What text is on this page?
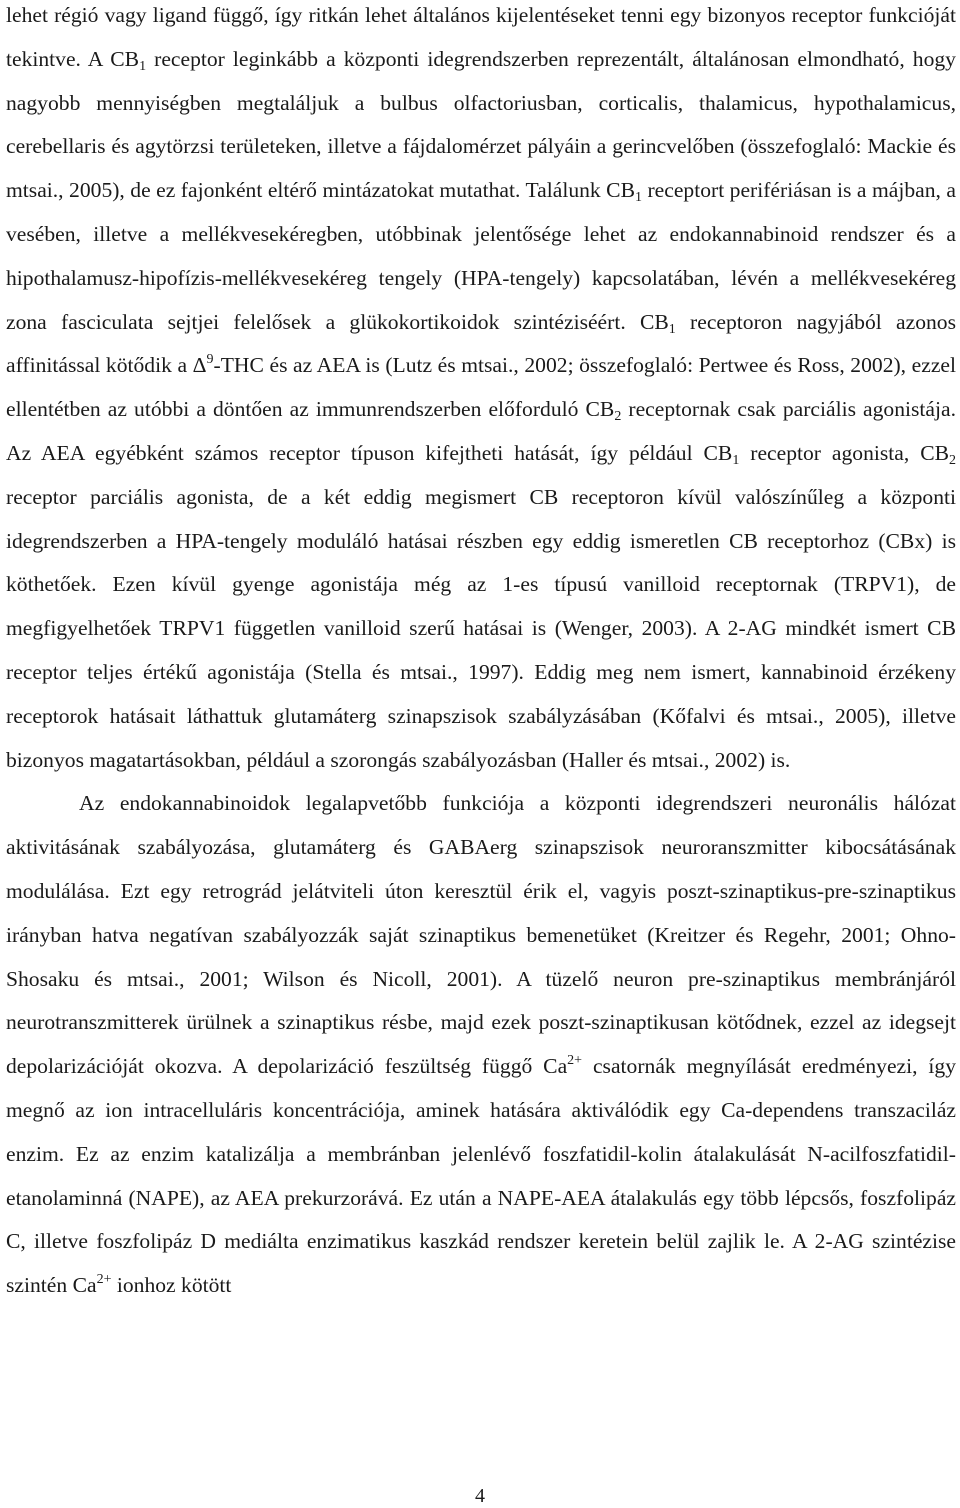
lehet régió vagy ligand függő, így ritkán lehet általános kijelentéseket tenni egy bizonyos receptor funkcióját tekintve. A $CB_1$ receptor leginkább a központi idegrendszerben reprezentált, általánosan elmondható, hogy nagyobb mennyiségben megtaláljuk a bulbus olfactoriusban, corticalis, thalamicus, hypothalamicus, cerebellaris és agytörzsi területeken, illetve a fájdalomérzet pályáin a gerincvelőben (összefoglaló: Mackie és mtsai., 2005), de ez fajonként eltérő mintázatokat mutathat. Találunk $CB_1$ receptort perifériásan is a májban, a vesében, illetve a mellékvesekéregben, utóbbinak jelentősége lehet az endokannabinoid rendszer és a hipothalamusz-hipofízis-mellékvesekéreg tengely (HPA-tengely) kapcsolatában, lévén a mellékvesekéreg zona fasciculata sejtjei felelősek a glükokortikoidok szintéziséért. $CB_1$ receptoron nagyjából azonos affinitással kötődik a $\Delta^9$-THC és az AEA is (Lutz és mtsai., 2002; összefoglaló: Pertwee és Ross, 2002), ezzel ellentétben az utóbbi a döntően az immunrendszerben előforduló $CB_2$ receptornak csak parciális agonistája. Az AEA egyébként számos receptor típuson kifejtheti hatását, így például $CB_1$ receptor agonista, $CB_2$ receptor parciális agonista, de a két eddig megismert CB receptoron kívül valószínűleg a központi idegrendszerben a HPA-tengely moduláló hatásai részben egy eddig ismeretlen CB receptorhoz (CBx) is köthetőek. Ezen kívül gyenge agonistája még az 1-es típusú vanilloid receptornak (TRPV1), de megfigyelhetőek TRPV1 független vanilloid szerű hatásai is (Wenger, 2003). A 2-AG mindkét ismert CB receptor teljes értékű agonistája (Stella és mtsai., 1997). Eddig meg nem ismert, kannabinoid érzékeny receptorok hatásait láthattuk glutamáterg szinapszisok szabályzásában (Kőfalvi és mtsai., 2005), illetve bizonyos magatartásokban, például a szorongás szabályozásban (Haller és mtsai., 2002) is.

Az endokannabinoidok legalapvetőbb funkciója a központi idegrendszeri neuronális hálózat aktivitásának szabályozása, glutamáterg és GABAerg szinapszisok neuroranszmitter kibocsátásának modulálása. Ezt egy retrográd jelátviteli úton keresztül érik el, vagyis poszt-szinaptikus-pre-szinaptikus irányban hatva negatívan szabályozzák saját szinaptikus bemenetüket (Kreitzer és Regehr, 2001; Ohno-Shosaku és mtsai., 2001; Wilson és Nicoll, 2001). A tüzelő neuron pre-szinaptikus membránjáról neurotranszmitterek ürülnek a szinaptikus résbe, majd ezek poszt-szinaptikusan kötődnek, ezzel az idegsejt depolarizációját okozva. A depolarizáció feszültség függő $Ca^{2+}$ csatornák megnyílását eredményezi, így megnő az ion intracelluláris koncentrációja, aminek hatására aktiválódik egy Ca-dependens transzaciláz enzim. Ez az enzim katalizálja a membránban jelenlévő foszfatidil-kolin átalakulását N-acilfoszfatidil-etanolaminná (NAPE), az AEA prekurzorává. Ez után a NAPE-AEA átalakulás egy több lépcsős, foszfolipáz C, illetve foszfolipáz D mediálta enzimatikus kaszkád rendszer keretein belül zajlik le. A 2-AG szintézise szintén $Ca^{2+}$ ionhoz kötött

4
